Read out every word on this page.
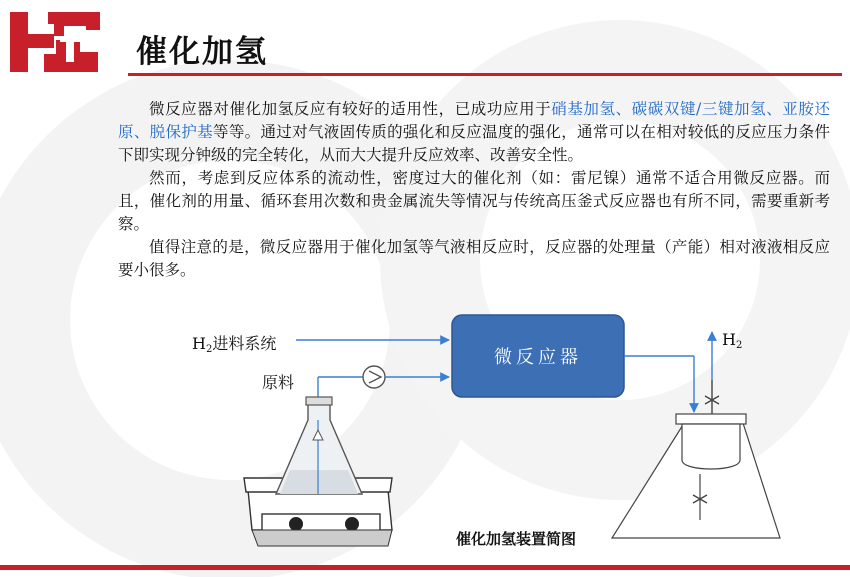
催化加氢

微反应器对催化加氢反应有较好的适用性，已成功应用于硝基加氢、碳碳双键/三键加氢、亚胺还原、脱保护基等等。通过对气液固传质的强化和反应温度的强化，通常可以在相对较低的反应压力条件下即实现分钟级的完全转化，从而大大提升反应效率、改善安全性。

然而，考虑到反应体系的流动性，密度过大的催化剂（如：雷尼镍）通常不适合用微反应器。而且，催化剂的用量、循环套用次数和贵金属流失等情况与传统高压釜式反应器也有所不同，需要重新考察。

值得注意的是，微反应器用于催化加氢等气液相反应时，反应器的处理量（产能）相对液液相反应要小很多。

微反应器
$H_2$进料系统
原料
$H_2$
催化加氢装置简图
